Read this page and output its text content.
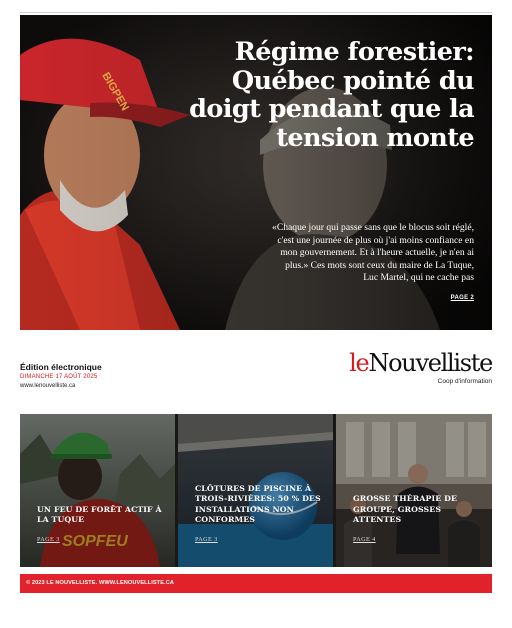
Régime forestier: Québec pointé du doigt pendant que la tension monte

«Chaque jour qui passe sans que le blocus soit réglé, c'est une journée de plus où j'ai moins confiance en mon gouvernement. Et à l'heure actuelle, je n'en ai plus.» Ces mots sont ceux du maire de La Tuque, Luc Martel, qui ne cache pas

PAGE 2
Édition électronique
DIMANCHE 17 AOÛT 2025
www.lenouvelliste.ca
leNouvelliste
Coop d'information
SOPFEU
UN FEU DE FORÊT ACTIF À LA TUQUE
PAGE 3
CLÔTURES DE PISCINE À TROIS-RIVIÈRES: 50 % DES INSTALLATIONS NON CONFORMES
PAGE 3
GROSSE THÉRAPIE DE GROUPE, GROSSES ATTENTES
PAGE 4
© 2023 LE NOUVELLISTE. WWW.LENOUVELLISTE.CA
